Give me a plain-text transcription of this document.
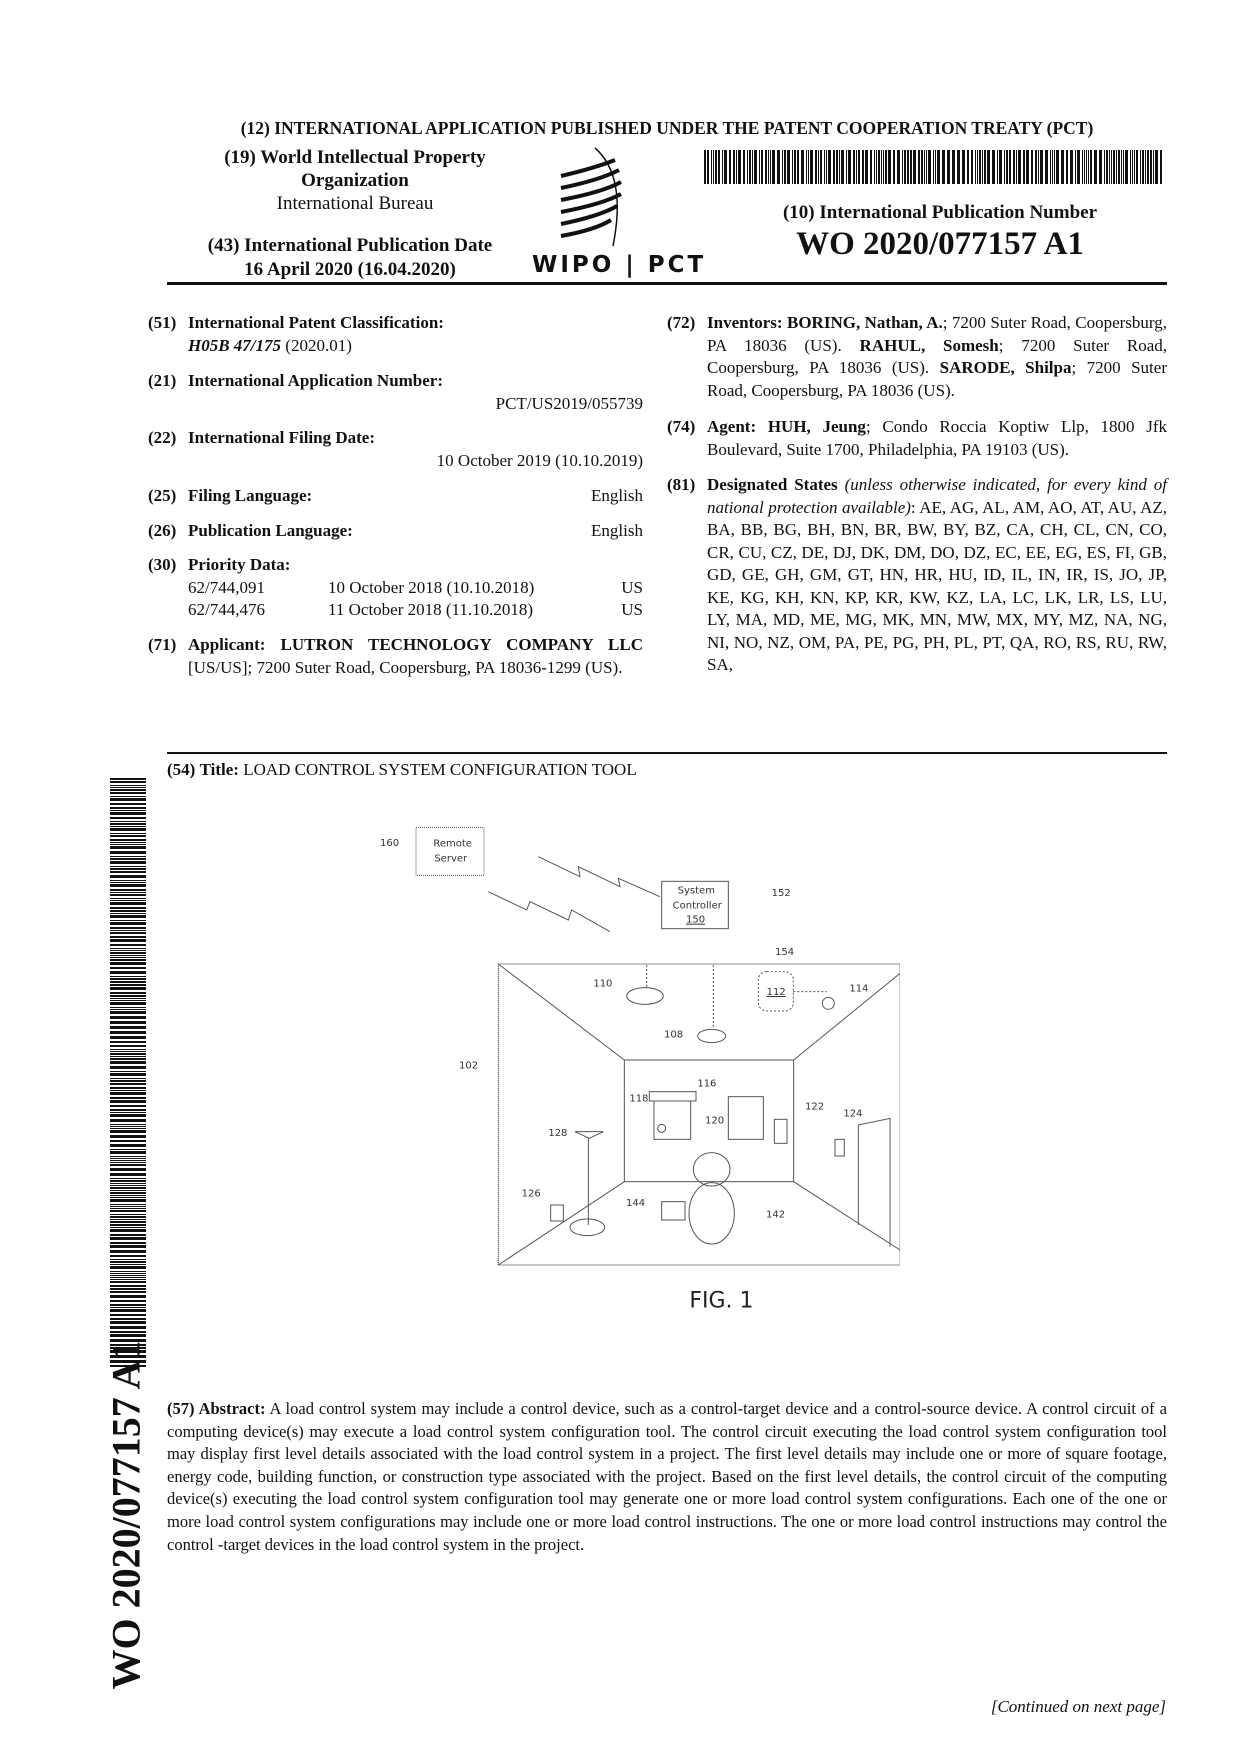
(12) INTERNATIONAL APPLICATION PUBLISHED UNDER THE PATENT COOPERATION TREATY (PCT)
(19) World Intellectual Property Organization
International Bureau
(43) International Publication Date
16 April 2020 (16.04.2020)	WIPO | PCT
(10) International Publication Number
WO 2020/077157 A1
(51) International Patent Classification:
H05B 47/175 (2020.01)
(21) International Application Number:
PCT/US2019/055739
(22) International Filing Date:
10 October 2019 (10.10.2019)
(25) Filing Language:	English
(26) Publication Language:	English
(30) Priority Data:
62/744,091	10 October 2018 (10.10.2018)	US
62/744,476	11 October 2018 (11.10.2018)	US
(71) Applicant: LUTRON TECHNOLOGY COMPANY LLC [US/US]; 7200 Suter Road, Coopersburg, PA 18036-1299 (US).
(72) Inventors: BORING, Nathan, A.; 7200 Suter Road, Coopersburg, PA 18036 (US). RAHUL, Somesh; 7200 Suter Road, Coopersburg, PA 18036 (US). SARODE, Shilpa; 7200 Suter Road, Coopersburg, PA 18036 (US).
(74) Agent: HUH, Jeung; Condo Roccia Koptiw Llp, 1800 Jfk Boulevard, Suite 1700, Philadelphia, PA 19103 (US).
(81) Designated States (unless otherwise indicated, for every kind of national protection available): AE, AG, AL, AM, AO, AT, AU, AZ, BA, BB, BG, BH, BN, BR, BW, BY, BZ, CA, CH, CL, CN, CO, CR, CU, CZ, DE, DJ, DK, DM, DO, DZ, EC, EE, EG, ES, FI, GB, GD, GE, GH, GM, GT, HN, HR, HU, ID, IL, IN, IR, IS, JO, JP, KE, KG, KH, KN, KP, KR, KW, KZ, LA, LC, LK, LR, LS, LU, LY, MA, MD, ME, MG, MK, MN, MW, MX, MY, MZ, NA, NG, NI, NO, NZ, OM, PA, PE, PG, PH, PL, PT, QA, RO, RS, RU, RW, SA,
(54) Title: LOAD CONTROL SYSTEM CONFIGURATION TOOL
Remote
Server
System
Controller
150
160
152
154
110
112 114
108
102
116
118
120
122
124
128
126
144
142
FIG. 1
WO 2020/077157 A1 (57) Abstract: A load control system may include a control device, such as a control-target device and a control-source device. A control circuit of a computing device(s) may execute a load control system configuration tool. The control circuit executing the load control system configuration tool may display first level details associated with the load control system in a project. The first level details may include one or more of square footage, energy code, building function, or construction type associated with the project. Based on the first level details, the control circuit of the computing device(s) executing the load control system configuration tool may generate one or more load control system configurations. Each one of the one or more load control system configurations may include one or more load control instructions. The one or more load control instructions may control the control -target devices in the load control system in the project.
[Continued on next page]
